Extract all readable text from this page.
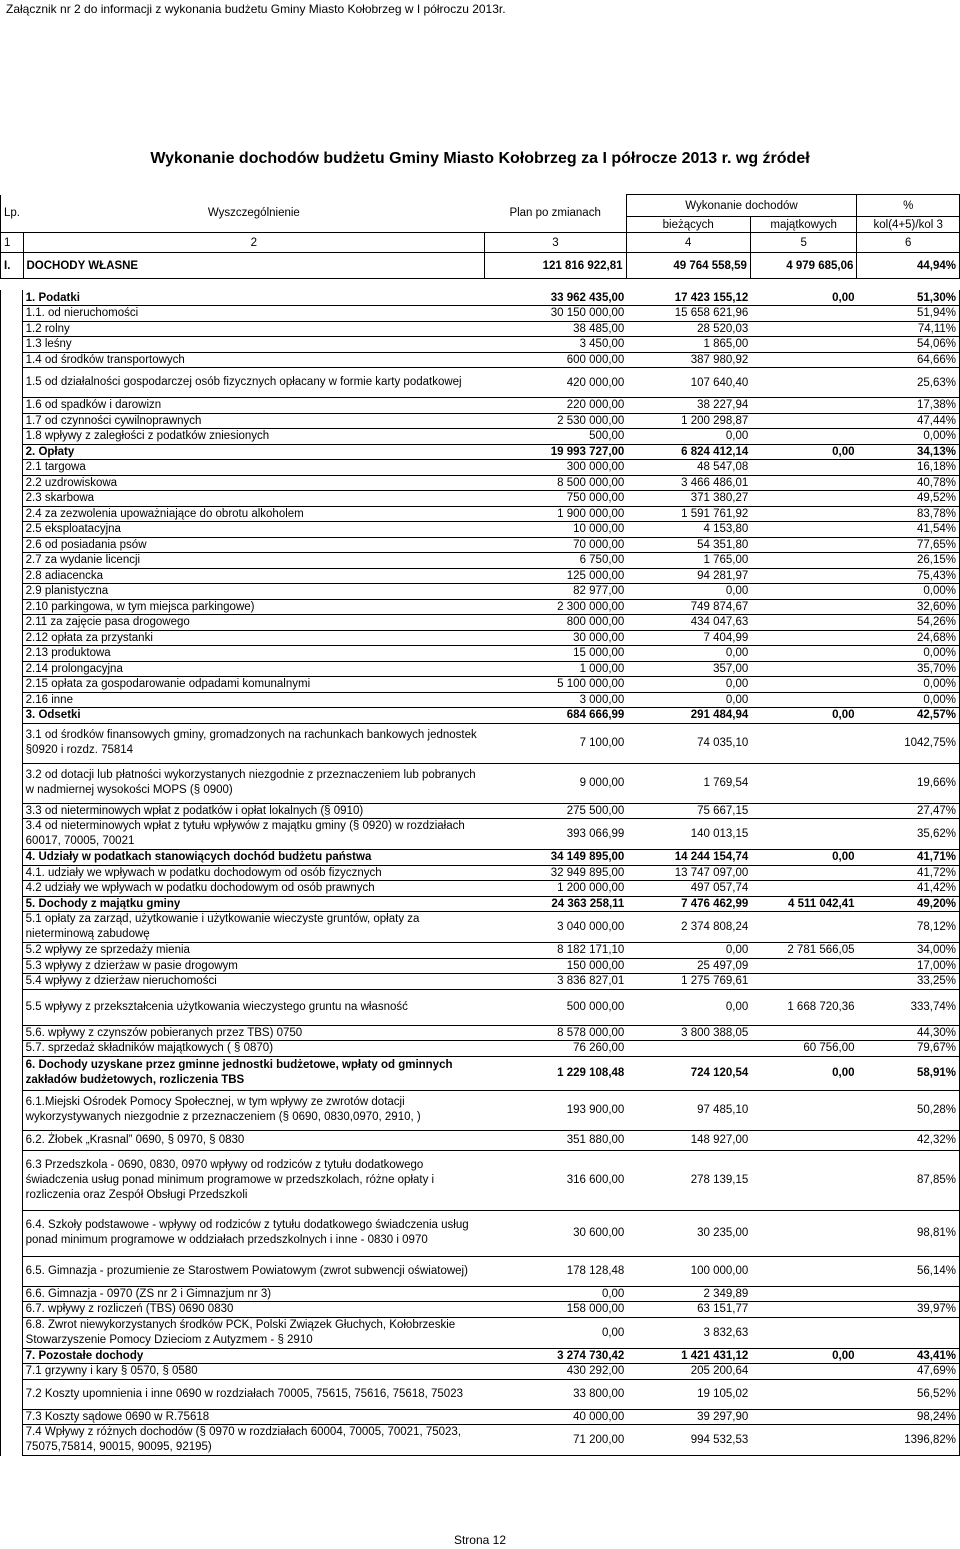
Załącznik nr 2 do informacji z wykonania budżetu Gminy Miasto Kołobrzeg w I półroczu 2013r.
Wykonanie dochodów budżetu Gminy Miasto Kołobrzeg za I półrocze 2013 r. wg źródeł
Lp.	Wyszczególnienie	Plan po zmianach	Wykonanie dochodów		%
			bieżących	majątkowych	kol(4+5)/kol 3
1	2	3	4	5	6
I.	DOCHODY WŁASNE	121 816 922,81	49 764 558,59	4 979 685,06	44,94%
	1. Podatki	33 962 435,00	17 423 155,12	0,00	51,30%
	1.1. od nieruchomości	30 150 000,00	15 658 621,96		51,94%
	1.2 rolny	38 485,00	28 520,03		74,11%
	1.3 leśny	3 450,00	1 865,00		54,06%
	1.4 od środków transportowych	600 000,00	387 980,92		64,66%
	1.5 od działalności gospodarczej osób fizycznych opłacany w formie karty podatkowej	420 000,00	107 640,40		25,63%
	1.6 od spadków i darowizn	220 000,00	38 227,94		17,38%
	1.7 od czynności cywilnoprawnych	2 530 000,00	1 200 298,87		47,44%
	1.8 wpływy z zaległości z podatków zniesionych	500,00	0,00		0,00%
	2. Opłaty	19 993 727,00	6 824 412,14	0,00	34,13%
	2.1 targowa	300 000,00	48 547,08		16,18%
	2.2 uzdrowiskowa	8 500 000,00	3 466 486,01		40,78%
	2.3 skarbowa	750 000,00	371 380,27		49,52%
	2.4 za zezwolenia upoważniające do obrotu alkoholem	1 900 000,00	1 591 761,92		83,78%
	2.5 eksploatacyjna	10 000,00	4 153,80		41,54%
	2.6 od posiadania psów	70 000,00	54 351,80		77,65%
	2.7 za wydanie licencji	6 750,00	1 765,00		26,15%
	2.8 adiacencka	125 000,00	94 281,97		75,43%
	2.9 planistyczna	82 977,00	0,00		0,00%
	2.10 parkingowa, w tym miejsca parkingowe)	2 300 000,00	749 874,67		32,60%
	2.11 za zajęcie pasa drogowego	800 000,00	434 047,63		54,26%
	2.12 opłata za przystanki	30 000,00	7 404,99		24,68%
	2.13 produktowa	15 000,00	0,00		0,00%
	2.14 prolongacyjna	1 000,00	357,00		35,70%
	2.15 opłata za gospodarowanie odpadami komunalnymi	5 100 000,00	0,00		0,00%
	2.16 inne	3 000,00	0,00		0,00%
	3. Odsetki	684 666,99	291 484,94	0,00	42,57%
	3.1 od środków finansowych gminy, gromadzonych na rachunkach bankowych jednostek §0920 i rozdz. 75814	7 100,00	74 035,10		1042,75%
	3.2 od dotacji lub płatności wykorzystanych niezgodnie z przeznaczeniem lub pobranych w nadmiernej wysokości MOPS (§ 0900)	9 000,00	1 769,54		19,66%
	3.3 od nieterminowych wpłat z podatków i opłat lokalnych (§ 0910)	275 500,00	75 667,15		27,47%
	3.4 od nieterminowych wpłat z tytułu wpływów z majątku gminy (§ 0920) w rozdziałach 60017, 70005, 70021	393 066,99	140 013,15		35,62%
	4. Udziały w podatkach stanowiących dochód budżetu państwa	34 149 895,00	14 244 154,74	0,00	41,71%
	4.1. udziały we wpływach w podatku dochodowym od osób fizycznych	32 949 895,00	13 747 097,00		41,72%
	4.2 udziały we wpływach w podatku dochodowym od osób prawnych	1 200 000,00	497 057,74		41,42%
	5. Dochody z majątku gminy	24 363 258,11	7 476 462,99	4 511 042,41	49,20%
	5.1 opłaty za zarząd, użytkowanie i użytkowanie wieczyste gruntów, opłaty za nieterminową zabudowę	3 040 000,00	2 374 808,24		78,12%
	5.2 wpływy ze sprzedaży mienia	8 182 171,10	0,00	2 781 566,05	34,00%
	5.3 wpływy z dzierżaw w pasie drogowym	150 000,00	25 497,09		17,00%
	5.4 wpływy z dzierżaw nieruchomości	3 836 827,01	1 275 769,61		33,25%
	5.5 wpływy z przekształcenia użytkowania wieczystego gruntu na własność	500 000,00	0,00	1 668 720,36	333,74%
	5.6. wpływy z czynszów pobieranych przez TBS) 0750	8 578 000,00	3 800 388,05		44,30%
	5.7. sprzedaż składników majątkowych ( § 0870)	76 260,00		60 756,00	79,67%
	6. Dochody uzyskane przez gminne jednostki budżetowe, wpłaty od gminnych zakładów budżetowych, rozliczenia TBS	1 229 108,48	724 120,54	0,00	58,91%
	6.1.Miejski Ośrodek Pomocy Społecznej, w tym wpływy ze zwrotów dotacji wykorzystywanych niezgodnie z przeznaczeniem (§ 0690, 0830,0970, 2910, )	193 900,00	97 485,10		50,28%
	6.2. Żłobek „Krasnal” 0690, § 0970, § 0830	351 880,00	148 927,00		42,32%
	6.3 Przedszkola - 0690, 0830, 0970 wpływy od rodziców z tytułu dodatkowego świadczenia usług ponad minimum programowe w przedszkolach, różne opłaty i rozliczenia oraz Zespół Obsługi Przedszkoli	316 600,00	278 139,15		87,85%
	6.4. Szkoły podstawowe - wpływy od rodziców z tytułu dodatkowego świadczenia usług ponad minimum programowe w oddziałach przedszkolnych i inne - 0830 i 0970	30 600,00	30 235,00		98,81%
	6.5. Gimnazja - prozumienie ze Starostwem Powiatowym (zwrot subwencji oświatowej)	178 128,48	100 000,00		56,14%
	6.6. Gimnazja - 0970 (ZS nr 2 i Gimnazjum nr 3)	0,00	2 349,89		
	6.7. wpływy z rozliczeń (TBS) 0690 0830	158 000,00	63 151,77		39,97%
	6.8. Zwrot niewykorzystanych środków PCK, Polski Związek Głuchych, Kołobrzeskie Stowarzyszenie Pomocy Dzieciom z Autyzmem - § 2910	0,00	3 832,63		
	7. Pozostałe dochody	3 274 730,42	1 421 431,12	0,00	43,41%
	7.1 grzywny i kary § 0570, § 0580	430 292,00	205 200,64		47,69%
	7.2 Koszty upomnienia i inne 0690 w rozdziałach 70005, 75615, 75616, 75618, 75023	33 800,00	19 105,02		56,52%
	7.3 Koszty sądowe 0690 w R.75618	40 000,00	39 297,90		98,24%
	7.4 Wpływy z różnych dochodów (§ 0970 w rozdziałach 60004, 70005, 70021, 75023, 75075,75814, 90015, 90095, 92195)	71 200,00	994 532,53		1396,82%
Strona 12
